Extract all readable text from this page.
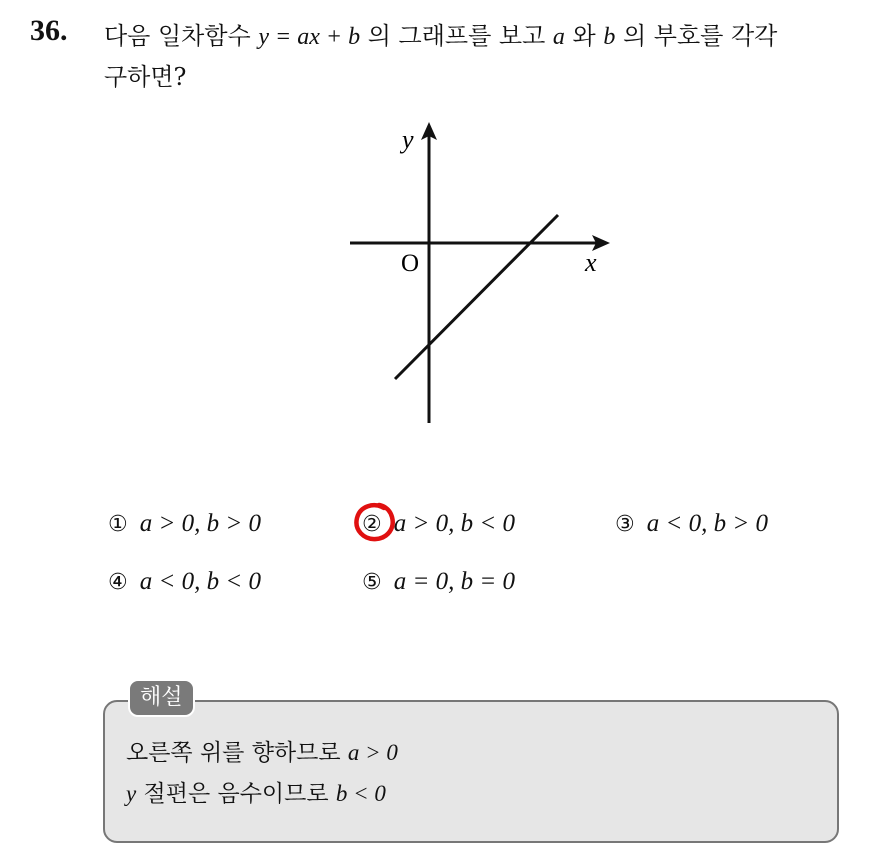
36. 다음 일차함수 y = ax + b 의 그래프를 보고 a 와 b 의 부호를 각각
구하면?
y
x
O
① a > 0, b > 0	② a > 0, b < 0	③ a < 0, b > 0
④ a < 0, b < 0	⑤ a = 0, b = 0
해설
오른쪽 위를 향하므로 a > 0
y 절편은 음수이므로 b < 0
